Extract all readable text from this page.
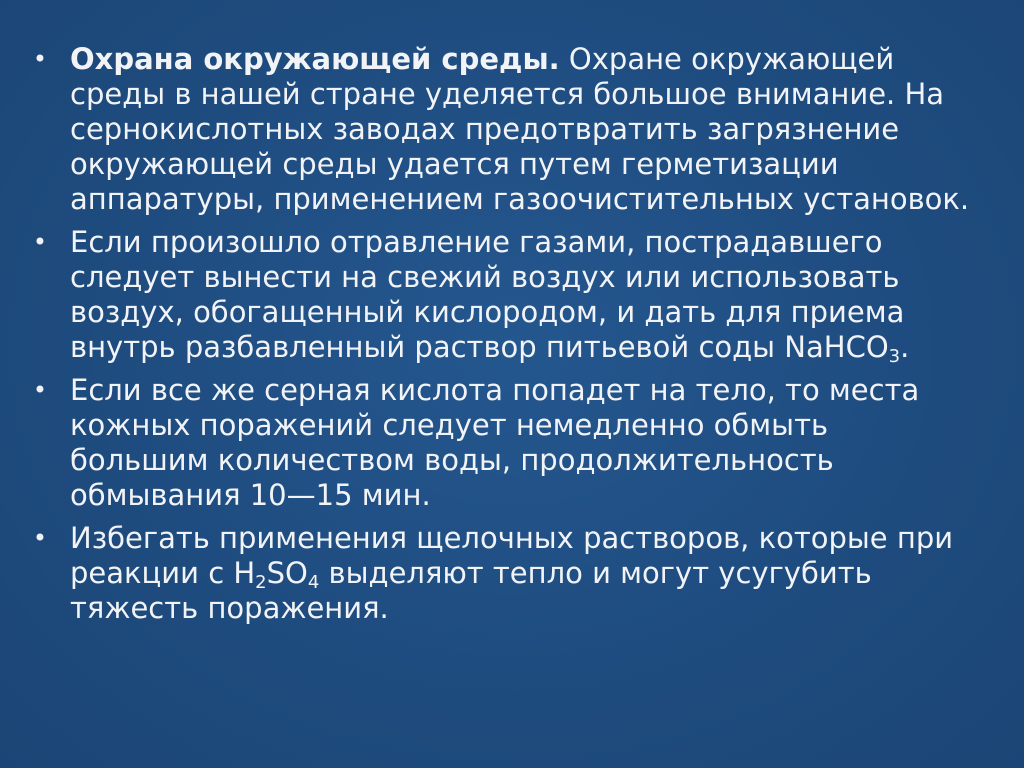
• Охрана окружающей среды. Охране окружающей среды в нашей стране уделяется большое внимание. На сернокислотных заводах предотвратить загрязнение окружающей среды удается путем герметизации аппаратуры, применением газоочистительных установок.
• Если произошло отравление газами, пострадавшего следует вынести на свежий воздух или использовать воздух, обогащенный кислородом, и дать для приема внутрь разбавленный раствор питьевой соды NaHCO$_3$.
• Если все же серная кислота попадет на тело, то места кожных поражений следует немедленно обмыть большим количеством воды, продолжительность обмывания 10—15 мин.
• Избегать применения щелочных растворов, которые при реакции с $H_2SO_4$ выделяют тепло и могут усугубить тяжесть поражения.
